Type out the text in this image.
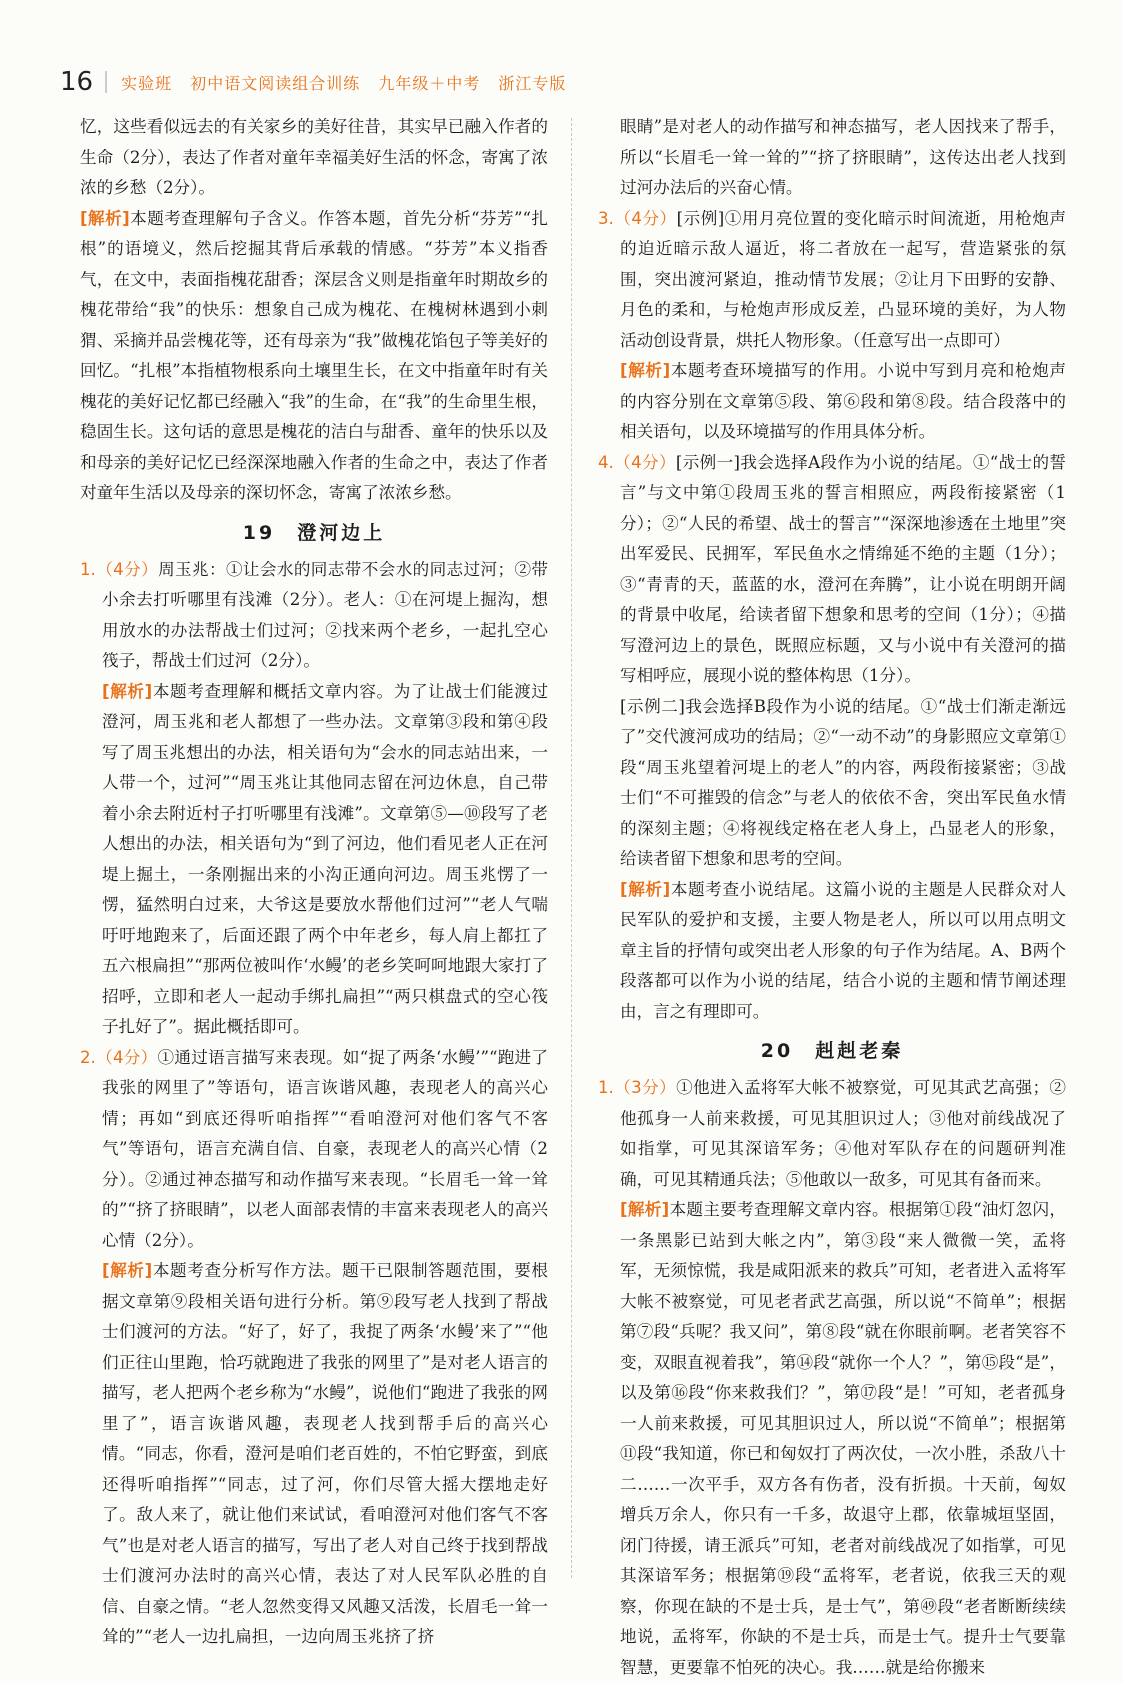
16 实验班 初中语文阅读组合训练 九年级＋中考 浙江专版

忆，这些看似远去的有关家乡的美好往昔，其实早已融入作者的生命（2分），表达了作者对童年幸福美好生活的怀念，寄寓了浓浓的乡愁（2分）。

[ 解析 ] 本题考查理解句子含义。作答本题，首先分析“芬芳”“扎根”的语境义，然后挖掘其背后承载的情感。“芬芳”本义指香气，在文中，表面指槐花甜香；深层含义则是指童年时期故乡的槐花带给“我”的快乐：想象自己成为槐花、在槐树林遇到小刺猬、采摘并品尝槐花等，还有母亲为“我”做槐花馅包子等美好的回忆。“扎根”本指植物根系向土壤里生长，在文中指童年时有关槐花的美好记忆都已经融入“我”的生命，在“我”的生命里生根，稳固生长。这句话的意思是槐花的洁白与甜香、童年的快乐以及和母亲的美好记忆已经深深地融入作者的生命之中，表达了作者对童年生活以及母亲的深切怀念，寄寓了浓浓乡愁。

19　澄河边上

1.（4分）周玉兆：①让会水的同志带不会水的同志过河；②带小余去打听哪里有浅滩（2分）。老人：①在河堤上掘沟，想用放水的办法帮战士们过河；②找来两个老乡，一起扎空心筏子，帮战士们过河（2分）。

[ 解析 ] 本题考查理解和概括文章内容。为了让战士们能渡过澄河，周玉兆和老人都想了一些办法。文章第③段和第④段写了周玉兆想出的办法，相关语句为“会水的同志站出来，一人带一个，过河”“周玉兆让其他同志留在河边休息，自己带着小余去附近村子打听哪里有浅滩”。文章第⑤—⑩段写了老人想出的办法，相关语句为“到了河边，他们看见老人正在河堤上掘土，一条刚掘出来的小沟正通向河边。周玉兆愣了一愣，猛然明白过来，大爷这是要放水帮他们过河”“老人气喘吁吁地跑来了，后面还跟了两个中年老乡，每人肩上都扛了五六根扁担”“那两位被叫作‘水鳗’的老乡笑呵呵地跟大家打了招呼，立即和老人一起动手绑扎扁担”“两只棋盘式的空心筏子扎好了”。据此概括即可。

2.（4分）①通过语言描写来表现。如“捉了两条‘水鳗’”“跑进了我张的网里了”等语句，语言诙谐风趣，表现老人的高兴心情；再如“到底还得听咱指挥”“看咱澄河对他们客气不客气”等语句，语言充满自信、自豪，表现老人的高兴心情（2分）。②通过神态描写和动作描写来表现。“长眉毛一耸一耸的”“挤了挤眼睛”，以老人面部表情的丰富来表现老人的高兴心情（2分）。

[ 解析 ] 本题考查分析写作方法。题干已限制答题范围，要根据文章第⑨段相关语句进行分析。第⑨段写老人找到了帮战士们渡河的方法。“好了，好了，我捉了两条‘水鳗’来了”“他们正往山里跑，恰巧就跑进了我张的网里了”是对老人语言的描写，老人把两个老乡称为“水鳗”，说他们“跑进了我张的网里了”，语言诙谐风趣，表现老人找到帮手后的高兴心情。“同志，你看，澄河是咱们老百姓的，不怕它野蛮，到底还得听咱指挥”“同志，过了河，你们尽管大摇大摆地走好了。敌人来了，就让他们来试试，看咱澄河对他们客气不客气”也是对老人语言的描写，写出了老人对自己终于找到帮战士们渡河办法时的高兴心情，表达了对人民军队必胜的自信、自豪之情。“老人忽然变得又风趣又活泼，长眉毛一耸一耸的”“老人一边扎扁担，一边向周玉兆挤了挤

眼睛”是对老人的动作描写和神态描写，老人因找来了帮手，所以“长眉毛一耸一耸的”“挤了挤眼睛”，这传达出老人找到过河办法后的兴奋心情。

3.（4分）[示例]①用月亮位置的变化暗示时间流逝，用枪炮声的迫近暗示敌人逼近，将二者放在一起写，营造紧张的氛围，突出渡河紧迫，推动情节发展；②让月下田野的安静、月色的柔和，与枪炮声形成反差，凸显环境的美好，为人物活动创设背景，烘托人物形象。（任意写出一点即可）

[ 解析 ] 本题考查环境描写的作用。小说中写到月亮和枪炮声的内容分别在文章第⑤段、第⑥段和第⑧段。结合段落中的相关语句，以及环境描写的作用具体分析。

4.（4分）[示例一]我会选择A段作为小说的结尾。①“战士的誓言”与文中第①段周玉兆的誓言相照应，两段衔接紧密（1分）；②“人民的希望、战士的誓言”“深深地渗透在土地里”突出军爱民、民拥军，军民鱼水之情绵延不绝的主题（1分）；③“青青的天，蓝蓝的水，澄河在奔腾”，让小说在明朗开阔的背景中收尾，给读者留下想象和思考的空间（1分）；④描写澄河边上的景色，既照应标题，又与小说中有关澄河的描写相呼应，展现小说的整体构思（1分）。

[示例二]我会选择B段作为小说的结尾。①“战士们渐走渐远了”交代渡河成功的结局；②“一动不动”的身影照应文章第①段“周玉兆望着河堤上的老人”的内容，两段衔接紧密；③战士们“不可摧毁的信念”与老人的依依不舍，突出军民鱼水情的深刻主题；④将视线定格在老人身上，凸显老人的形象，给读者留下想象和思考的空间。

[ 解析 ] 本题考查小说结尾。这篇小说的主题是人民群众对人民军队的爱护和支援，主要人物是老人，所以可以用点明文章主旨的抒情句或突出老人形象的句子作为结尾。A、B两个段落都可以作为小说的结尾，结合小说的主题和情节阐述理由，言之有理即可。

20　赳赳老秦

1.（3分）①他进入孟将军大帐不被察觉，可见其武艺高强；②他孤身一人前来救援，可见其胆识过人；③他对前线战况了如指掌，可见其深谙军务；④他对军队存在的问题研判准确，可见其精通兵法；⑤他敢以一敌多，可见其有备而来。

[ 解析 ] 本题主要考查理解文章内容。根据第①段“油灯忽闪，一条黑影已站到大帐之内”，第③段“来人微微一笑，孟将军，无须惊慌，我是咸阳派来的救兵”可知，老者进入孟将军大帐不被察觉，可见老者武艺高强，所以说“不简单”；根据第⑦段“兵呢？我又问”，第⑧段“就在你眼前啊。老者笑容不变，双眼直视着我”，第⑭段“就你一个人？”，第⑮段“是”，以及第⑯段“你来救我们？”，第⑰段“是！”可知，老者孤身一人前来救援，可见其胆识过人，所以说“不简单”；根据第⑪段“我知道，你已和匈奴打了两次仗，一次小胜，杀敌八十二……一次平手，双方各有伤者，没有折损。十天前，匈奴增兵万余人，你只有一千多，故退守上郡，依靠城垣坚固，闭门待援，请王派兵”可知，老者对前线战况了如指掌，可见其深谙军务；根据第⑲段“孟将军，老者说，依我三天的观察，你现在缺的不是士兵，是士气”，第㊾段“老者断断续续地说，孟将军，你缺的不是士兵，而是士气。提升士气要靠智慧，更要靠不怕死的决心。我……就是给你搬来
